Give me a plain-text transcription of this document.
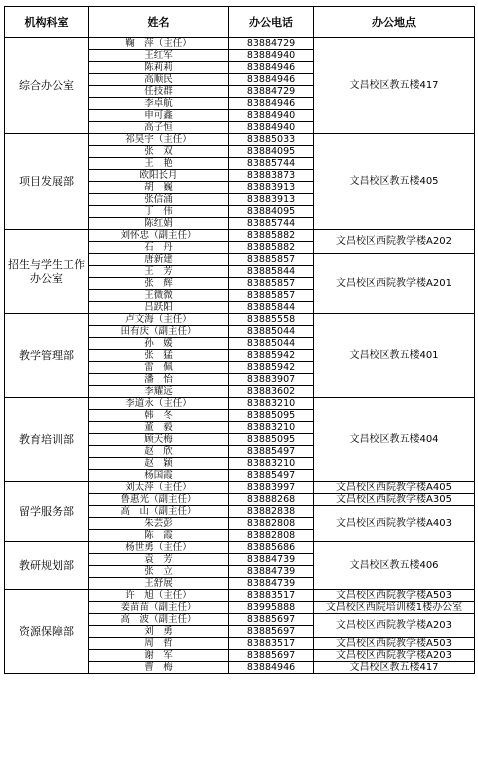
机构科室	姓名	办公电话	办公地点
综合办公室	鞠　萍（主任）	83884729	文昌校区教五楼417
	王红军	83884940	
	陈莉莉	83884946	
	高顺民	83884946	
	任技群	83884729	
	李卓航	83884946	
	申可鑫	83884940	
	高子恒	83884940	
项目发展部	祁昊宇（主任）	83885033	文昌校区教五楼405
	张　双	83884095	
	王　艳	83885744	
	欧阳长月	83883873	
	胡　巍	83883913	
	张信涌	83883913	
	丁　伟	83884095	
	陈红娟	83885744	
招生与学生工作办公室	刘怀忠（副主任）	83885882	文昌校区西院教学楼A202
	石　丹	83885882	
	唐新建	83885857	文昌校区西院教学楼A201
	王　芳	83885844	
	张　辉	83885857	
	王微微	83885857	
	吕跃阳	83885844	
教学管理部	卢文海（主任）	83885558	文昌校区教五楼401
	田有庆（副主任）	83885044	
	孙　媛	83885044	
	张　猛	83885942	
	雷　佩	83885942	
	潘　怡	83883907	
	李耀远	83883602	
教育培训部	李道永（主任）	83883210	文昌校区教五楼404
	韩　冬	83885095	
	董　毅	83883210	
	顾天梅	83885095	
	赵　欣	83885497	
	赵　颖	83883210	
	杨国霞	83885497	
留学服务部	刘太萍（主任）	83883997	文昌校区西院教学楼A405
	鲁惠光（副主任）	83888268	文昌校区西院教学楼A305
	高　山（副主任）	83882838	文昌校区西院教学楼A403
	朱芸彭	83882808	
	陈　霞	83882808	
教研规划部	杨世勇（主任）	83885686	文昌校区教五楼406
	袁　芳	83884739	
	张　立	83884739	
	王舒展	83884739	
资源保障部	许　旭（主任）	83883517	文昌校区西院教学楼A503
	姜苗苗（副主任）	83995888	文昌校区西院培训楼1楼办公室
	高　波（副主任）	83885697	文昌校区西院教学楼A203
	刘　勇	83885697	
	周　哲	83883517	文昌校区西院教学楼A503
	谢　军	83885697	文昌校区西院教学楼A203
	曹　梅	83884946	文昌校区教五楼417
